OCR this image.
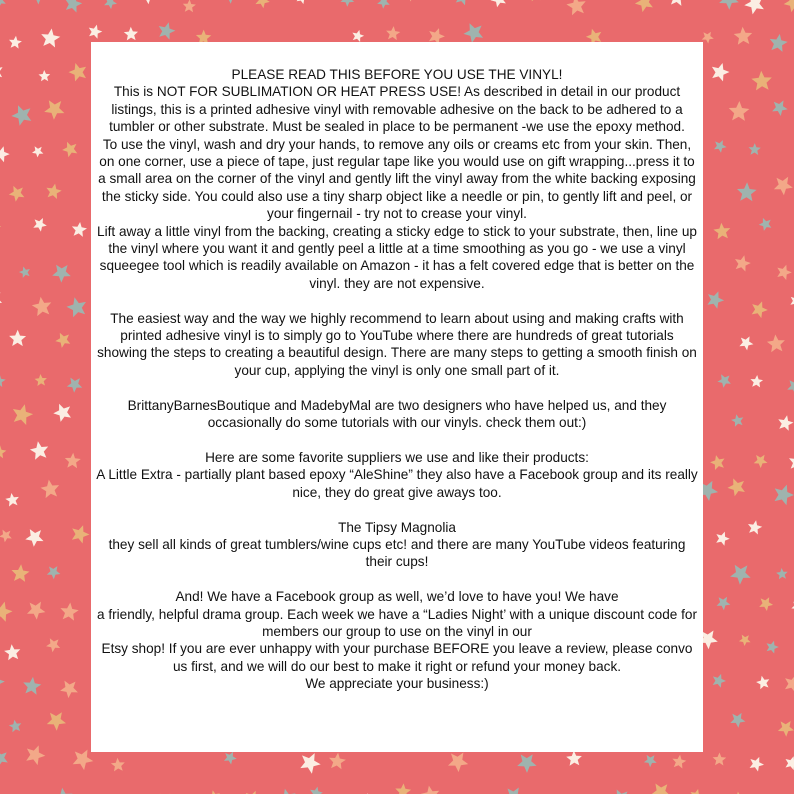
PLEASE READ THIS BEFORE YOU USE THE VINYL!

This is NOT FOR SUBLIMATION OR HEAT PRESS USE! As described in detail in our product listings, this is a printed adhesive vinyl with removable adhesive on the back to be adhered to a tumbler or other substrate. Must be sealed in place to be permanent -we use the epoxy method.

To use the vinyl, wash and dry your hands, to remove any oils or creams etc from your skin. Then, on one corner, use a piece of tape, just regular tape like you would use on gift wrapping...press it to a small area on the corner of the vinyl and gently lift the vinyl away from the white backing exposing the sticky side. You could also use a tiny sharp object like a needle or pin, to gently lift and peel, or your fingernail - try not to crease your vinyl.

Lift away a little vinyl from the backing, creating a sticky edge to stick to your substrate, then, line up the vinyl where you want it and gently peel a little at a time smoothing as you go - we use a vinyl squeegee tool which is readily available on Amazon - it has a felt covered edge that is better on the vinyl. they are not expensive.

The easiest way and the way we highly recommend to learn about using and making crafts with printed adhesive vinyl is to simply go to YouTube where there are hundreds of great tutorials showing the steps to creating a beautiful design. There are many steps to getting a smooth finish on your cup, applying the vinyl is only one small part of it.

BrittanyBarnesBoutique and MadebyMal are two designers who have helped us, and they occasionally do some tutorials with our vinyls. check them out:)

Here are some favorite suppliers we use and like their products:

A Little Extra - partially plant based epoxy “AleShine” they also have a Facebook group and its really nice, they do great give aways too.

The Tipsy Magnolia

they sell all kinds of great tumblers/wine cups etc! and there are many YouTube videos featuring their cups!

And! We have a Facebook group as well, we’d love to have you! We have

a friendly, helpful drama group. Each week we have a “Ladies Night’ with a unique discount code for members our group to use on the vinyl in our

Etsy shop! If you are ever unhappy with your purchase BEFORE you leave a review, please convo us first, and we will do our best to make it right or refund your money back.

We appreciate your business:)
